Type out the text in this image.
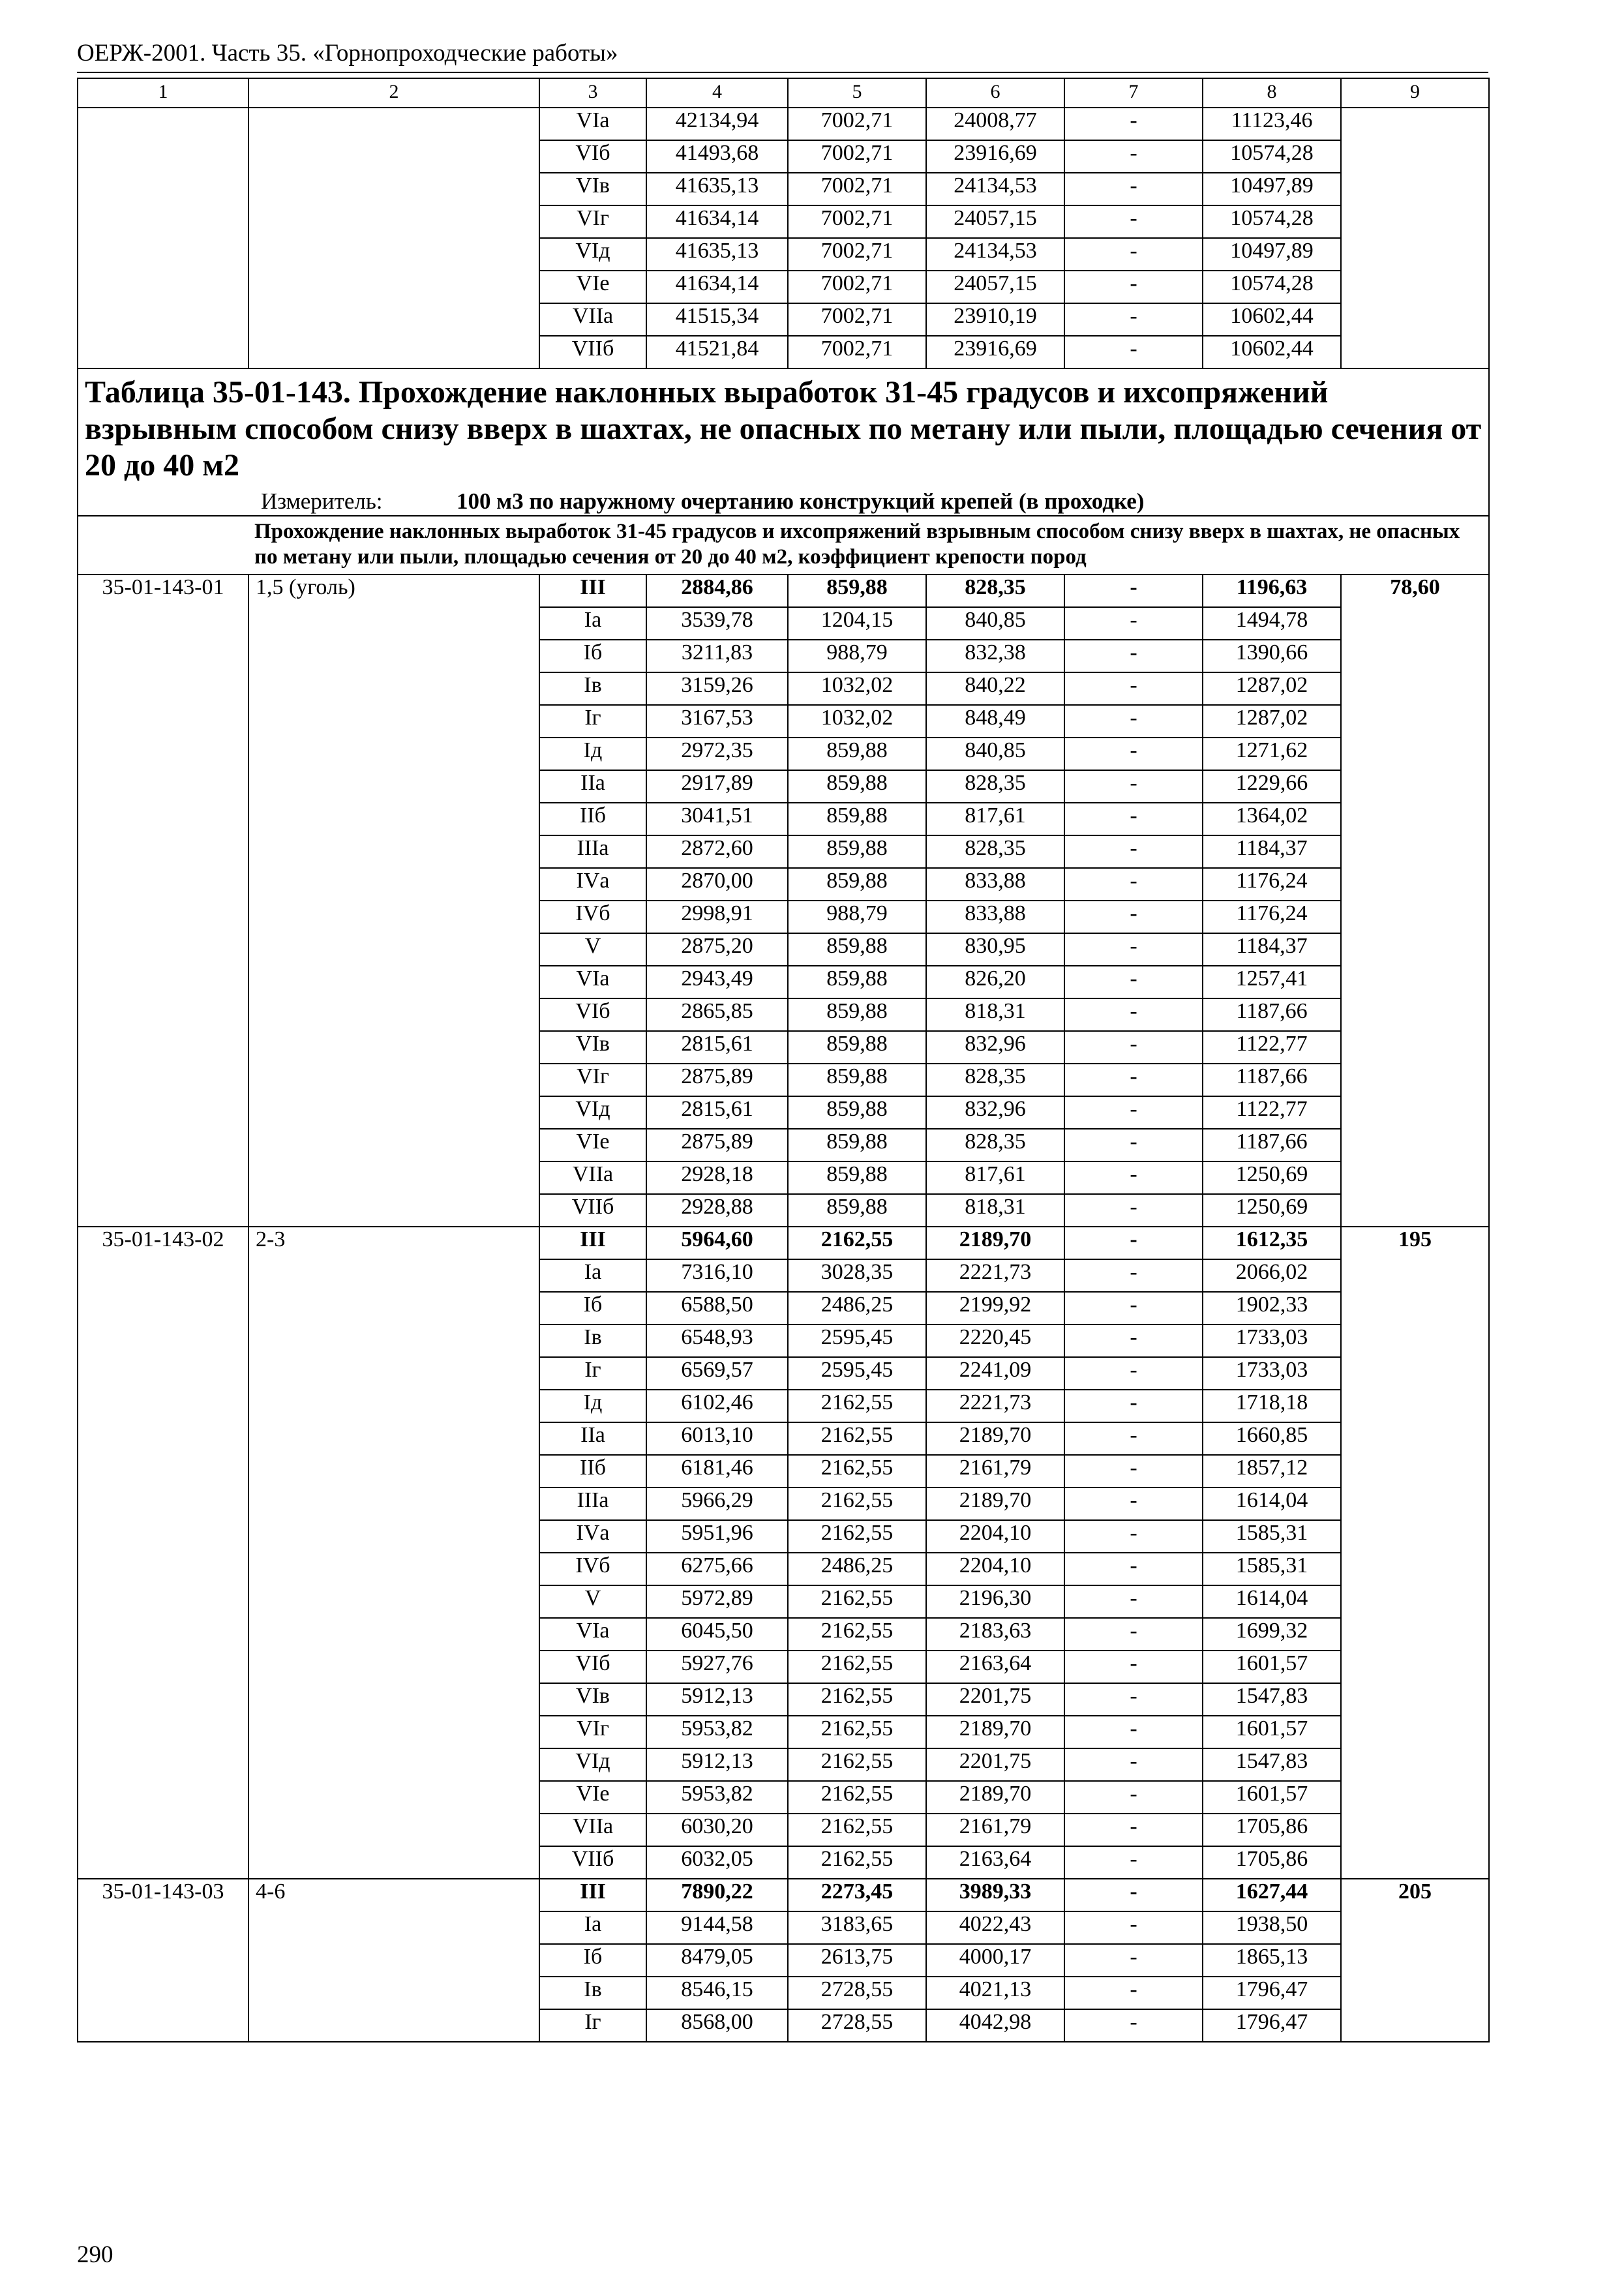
ОЕРЖ-2001. Часть 35. «Горнопроходческие работы»
1	2	3	4	5	6	7	8	9
		VIа	42134,94	7002,71	24008,77	-	11123,46	
		VIб	41493,68	7002,71	23916,69	-	10574,28	
		VIв	41635,13	7002,71	24134,53	-	10497,89	
		VIг	41634,14	7002,71	24057,15	-	10574,28	
		VIд	41635,13	7002,71	24134,53	-	10497,89	
		VIе	41634,14	7002,71	24057,15	-	10574,28	
		VIIа	41515,34	7002,71	23910,19	-	10602,44	
		VIIб	41521,84	7002,71	23916,69	-	10602,44	
Таблица 35-01-143. Прохождение наклонных выработок 31-45 градусов и ихсопряжений взрывным способом снизу вверх в шахтах, не опасных по метану или пыли, площадью сечения от 20 до 40 м2
Измеритель: 100 м3 по наружному очертанию конструкций крепей (в проходке)								

Прохождение наклонных выработок 31-45 градусов и ихсопряжений взрывным способом снизу вверх в шахтах, не опасных по метану или пыли, площадью сечения от 20 до 40 м2, коэффициент крепости пород								
35-01-143-01	1,5 (уголь)	III	2884,86	859,88	828,35	-	1196,63	78,60
		Iа	3539,78	1204,15	840,85	-	1494,78	
		Iб	3211,83	988,79	832,38	-	1390,66	
		Iв	3159,26	1032,02	840,22	-	1287,02	
		Iг	3167,53	1032,02	848,49	-	1287,02	
		Iд	2972,35	859,88	840,85	-	1271,62	
		IIа	2917,89	859,88	828,35	-	1229,66	
		IIб	3041,51	859,88	817,61	-	1364,02	
		IIIа	2872,60	859,88	828,35	-	1184,37	
		IVа	2870,00	859,88	833,88	-	1176,24	
		IVб	2998,91	988,79	833,88	-	1176,24	
		V	2875,20	859,88	830,95	-	1184,37	
		VIа	2943,49	859,88	826,20	-	1257,41	
		VIб	2865,85	859,88	818,31	-	1187,66	
		VIв	2815,61	859,88	832,96	-	1122,77	
		VIг	2875,89	859,88	828,35	-	1187,66	
		VIд	2815,61	859,88	832,96	-	1122,77	
		VIе	2875,89	859,88	828,35	-	1187,66	
		VIIа	2928,18	859,88	817,61	-	1250,69	
		VIIб	2928,88	859,88	818,31	-	1250,69	
35-01-143-02	2-3	III	5964,60	2162,55	2189,70	-	1612,35	195
		Iа	7316,10	3028,35	2221,73	-	2066,02	
		Iб	6588,50	2486,25	2199,92	-	1902,33	
		Iв	6548,93	2595,45	2220,45	-	1733,03	
		Iг	6569,57	2595,45	2241,09	-	1733,03	
		Iд	6102,46	2162,55	2221,73	-	1718,18	
		IIа	6013,10	2162,55	2189,70	-	1660,85	
		IIб	6181,46	2162,55	2161,79	-	1857,12	
		IIIа	5966,29	2162,55	2189,70	-	1614,04	
		IVа	5951,96	2162,55	2204,10	-	1585,31	
		IVб	6275,66	2486,25	2204,10	-	1585,31	
		V	5972,89	2162,55	2196,30	-	1614,04	
		VIа	6045,50	2162,55	2183,63	-	1699,32	
		VIб	5927,76	2162,55	2163,64	-	1601,57	
		VIв	5912,13	2162,55	2201,75	-	1547,83	
		VIг	5953,82	2162,55	2189,70	-	1601,57	
		VIд	5912,13	2162,55	2201,75	-	1547,83	
		VIе	5953,82	2162,55	2189,70	-	1601,57	
		VIIа	6030,20	2162,55	2161,79	-	1705,86	
		VIIб	6032,05	2162,55	2163,64	-	1705,86	
35-01-143-03	4-6	III	7890,22	2273,45	3989,33	-	1627,44	205
		Iа	9144,58	3183,65	4022,43	-	1938,50	
		Iб	8479,05	2613,75	4000,17	-	1865,13	
		Iв	8546,15	2728,55	4021,13	-	1796,47	
		Iг	8568,00	2728,55	4042,98	-	1796,47	
290
